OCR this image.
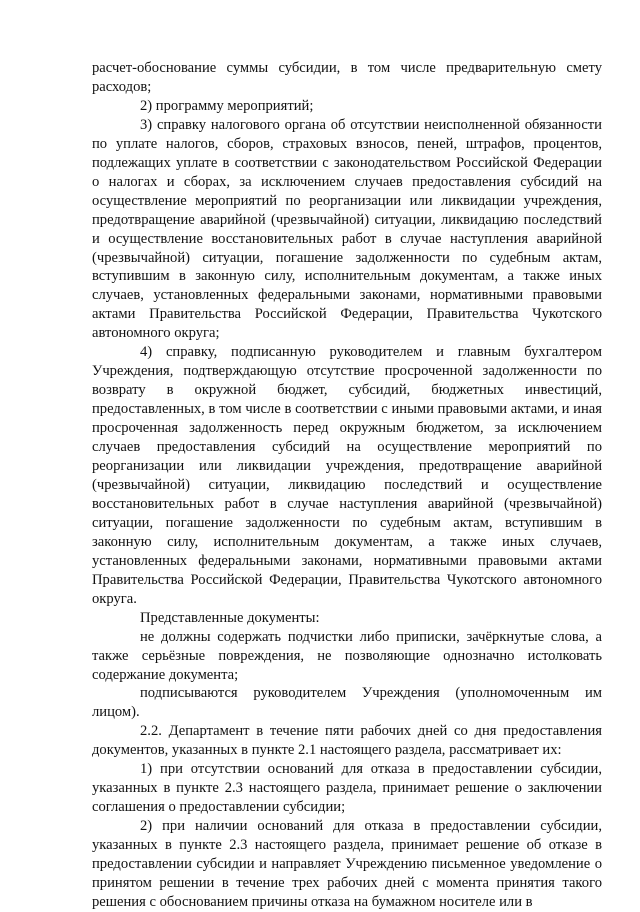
расчет-обоснование суммы субсидии, в том числе предварительную смету расходов;

2) программу мероприятий;

3) справку налогового органа об отсутствии неисполненной обязанности по уплате налогов, сборов, страховых взносов, пеней, штрафов, процентов, подлежащих уплате в соответствии с законодательством Российской Федерации о налогах и сборах, за исключением случаев предоставления субсидий на осуществление мероприятий по реорганизации или ликвидации учреждения, предотвращение аварийной (чрезвычайной) ситуации, ликвидацию последствий и осуществление восстановительных работ в случае наступления аварийной (чрезвычайной) ситуации, погашение задолженности по судебным актам, вступившим в законную силу, исполнительным документам, а также иных случаев, установленных федеральными законами, нормативными правовыми актами Правительства Российской Федерации, Правительства Чукотского автономного округа;

4) справку, подписанную руководителем и главным бухгалтером Учреждения, подтверждающую отсутствие просроченной задолженности по возврату в окружной бюджет, субсидий, бюджетных инвестиций, предоставленных, в том числе в соответствии с иными правовыми актами, и иная просроченная задолженность перед окружным бюджетом, за исключением случаев предоставления субсидий на осуществление мероприятий по реорганизации или ликвидации учреждения, предотвращение аварийной (чрезвычайной) ситуации, ликвидацию последствий и осуществление восстановительных работ в случае наступления аварийной (чрезвычайной) ситуации, погашение задолженности по судебным актам, вступившим в законную силу, исполнительным документам, а также иных случаев, установленных федеральными законами, нормативными правовыми актами Правительства Российской Федерации, Правительства Чукотского автономного округа.

Представленные документы:

не должны содержать подчистки либо приписки, зачёркнутые слова, а также серьёзные повреждения, не позволяющие однозначно истолковать содержание документа;

подписываются руководителем Учреждения (уполномоченным им лицом).

2.2. Департамент в течение пяти рабочих дней со дня предоставления документов, указанных в пункте 2.1 настоящего раздела, рассматривает их:

1) при отсутствии оснований для отказа в предоставлении субсидии, указанных в пункте 2.3 настоящего раздела, принимает решение о заключении соглашения о предоставлении субсидии;

2) при наличии оснований для отказа в предоставлении субсидии, указанных в пункте 2.3 настоящего раздела, принимает решение об отказе в предоставлении субсидии и направляет Учреждению письменное уведомление о принятом решении в течение трех рабочих дней с момента принятия такого решения с обоснованием причины отказа на бумажном носителе или в
